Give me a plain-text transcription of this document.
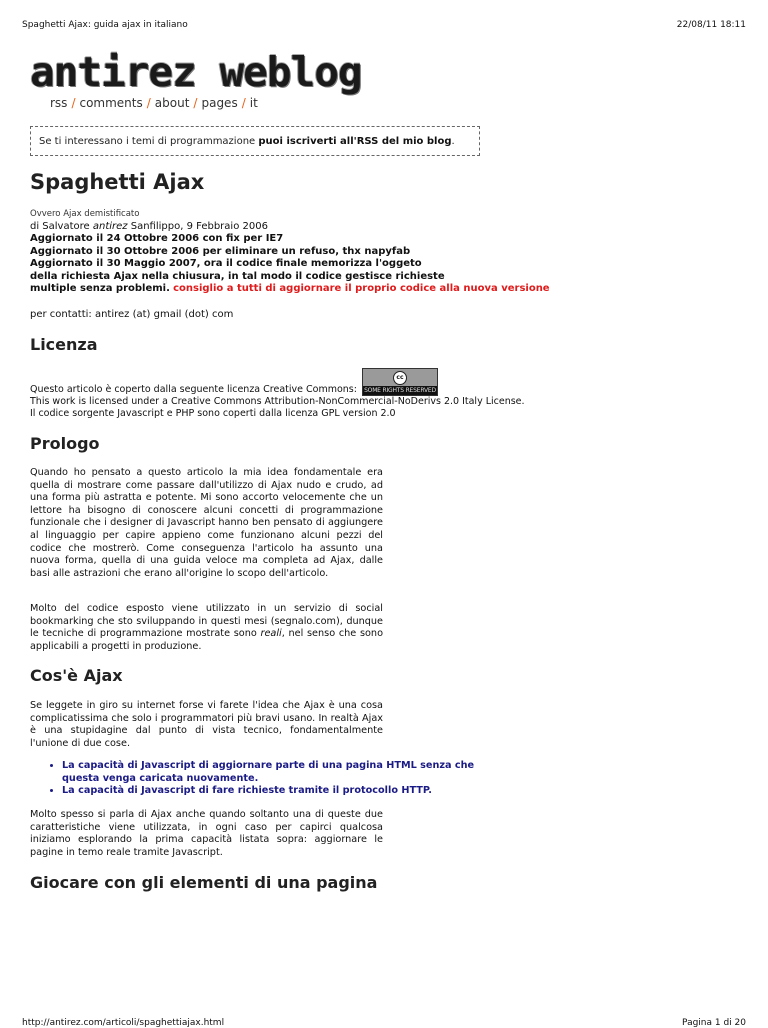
Spaghetti Ajax: guida ajax in italiano	22/08/11 18:11
antirez weblog
rss / comments / about / pages / it
Se ti interessano i temi di programmazione
puoi iscriverti all'RSS del mio blog .
Spaghetti Ajax
Ovvero Ajax demistificato
di Salvatore antirez Sanfilippo, 9 Febbraio 2006
Aggiornato il 24 Ottobre 2006 con fix per IE7
Aggiornato il 30 Ottobre 2006 per eliminare un refuso, thx napyfab
Aggiornato il 30 Maggio 2007, ora il codice finale memorizza l'oggeto
della richiesta Ajax nella chiusura, in tal modo il codice gestisce richieste
multiple senza problemi. consiglio a tutti di aggiornare il proprio codice alla nuova versione
per contatti: antirez (at) gmail (dot) com
Licenza
Questo articolo è coperto dalla seguente licenza Creative Commons:
cc
SOME RIGHTS RESERVED
This work is licensed under a Creative Commons Attribution-NonCommercial-NoDerivs 2.0 Italy License.
Il codice sorgente Javascript e PHP sono coperti dalla licenza GPL version 2.0
Prologo

Quando ho pensato a questo articolo la mia idea fondamentale era quella di mostrare come passare dall'utilizzo di Ajax nudo e crudo, ad una forma più astratta e potente. Mi sono accorto velocemente che un lettore ha bisogno di conoscere alcuni concetti di programmazione funzionale che i designer di Javascript hanno ben pensato di aggiungere al linguaggio per capire appieno come funzionano alcuni pezzi del codice che mostrerò. Come conseguenza l'articolo ha assunto una nuova forma, quella di una guida veloce ma completa ad Ajax, dalle basi alle astrazioni che erano all'origine lo scopo dell'articolo.

Molto del codice esposto viene utilizzato in un servizio di social bookmarking che sto sviluppando in questi mesi (segnalo.com), dunque le tecniche di programmazione mostrate sono reali, nel senso che sono applicabili a progetti in produzione.

Cos'è Ajax

Se leggete in giro su internet forse vi farete l'idea che Ajax è una cosa complicatissima che solo i programmatori più bravi usano. In realtà Ajax è una stupidagine dal punto di vista tecnico, fondamentalmente l'unione di due cose.

• La capacità di Javascript di aggiornare parte di una pagina HTML senza che questa venga caricata nuovamente.
• La capacità di Javascript di fare richieste tramite il protocollo HTTP.

Molto spesso si parla di Ajax anche quando soltanto una di queste due caratteristiche viene utilizzata, in ogni caso per capirci qualcosa iniziamo esplorando la prima capacità listata sopra: aggiornare le pagine in temo reale tramite Javascript.

Giocare con gli elementi di una pagina
http://antirez.com/articoli/spaghettiajax.html	Pagina 1 di 20
